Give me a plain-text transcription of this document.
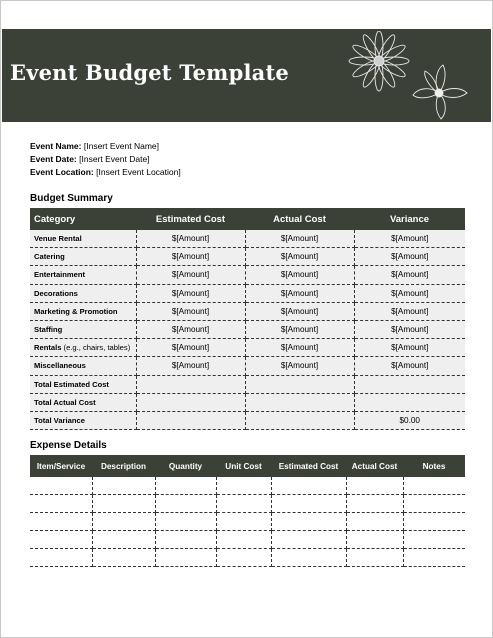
Event Budget Template
Event Name: [Insert Event Name]
Event Date: [Insert Event Date]
Event Location: [Insert Event Location]
Budget Summary
Category	Estimated Cost	Actual Cost	Variance
Venue Rental	$[Amount]	$[Amount]	$[Amount]
Catering	$[Amount]	$[Amount]	$[Amount]
Entertainment	$[Amount]	$[Amount]	$[Amount]
Decorations	$[Amount]	$[Amount]	$[Amount]
Marketing & Promotion	$[Amount]	$[Amount]	$[Amount]
Staffing	$[Amount]	$[Amount]	$[Amount]
Rentals (e.g., chairs, tables)	$[Amount]	$[Amount]	$[Amount]
Miscellaneous	$[Amount]	$[Amount]	$[Amount]
Total Estimated Cost			
Total Actual Cost			
Total Variance			$0.00
Expense Details
Item/Service	Description	Quantity	Unit Cost	Estimated Cost	Actual Cost	Notes
